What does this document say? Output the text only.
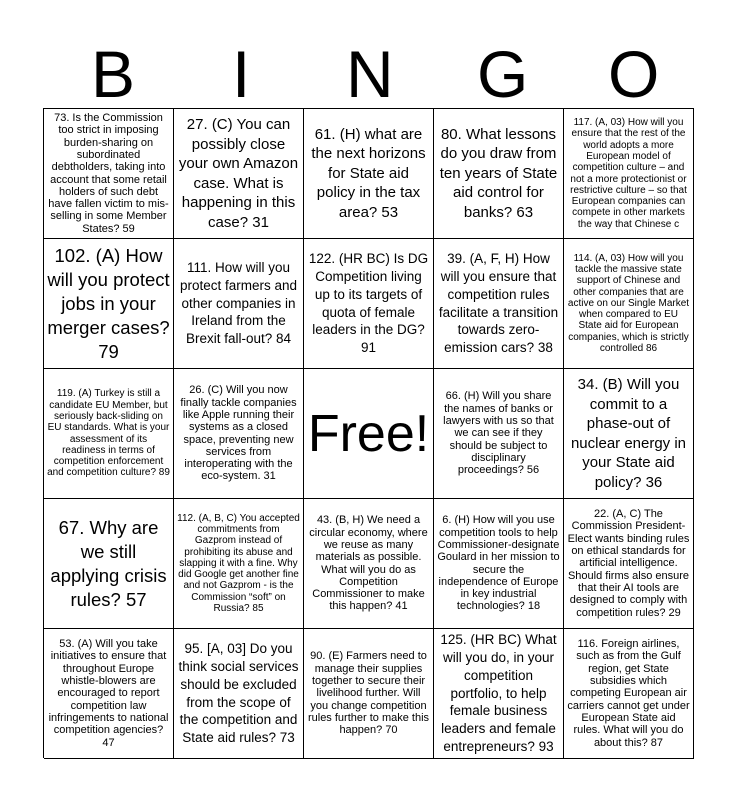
B I N G O
73. Is the Commission too strict in imposing burden-sharing on subordinated debtholders, taking into account that some retail holders of such debt have fallen victim to mis-selling in some Member States? 59
27. (C) You can possibly close your own Amazon case. What is happening in this case? 31
61. (H) what are the next horizons for State aid policy in the tax area? 53
80. What lessons do you draw from ten years of State aid control for banks? 63
117. (A, 03) How will you ensure that the rest of the world adopts a more European model of competition culture – and not a more protectionist or restrictive culture – so that European companies can compete in other markets the way that Chinese c
102. (A) How will you protect jobs in your merger cases? 79
111. How will you protect farmers and other companies in Ireland from the Brexit fall-out? 84
122. (HR BC) Is DG Competition living up to its targets of quota of female leaders in the DG? 91
39. (A, F, H) How will you ensure that competition rules facilitate a transition towards zero-emission cars? 38
114. (A, 03) How will you tackle the massive state support of Chinese and other companies that are active on our Single Market when compared to EU State aid for European companies, which is strictly controlled 86
119. (A) Turkey is still a candidate EU Member, but seriously back-sliding on EU standards. What is your assessment of its readiness in terms of competition enforcement and competition culture? 89
26. (C) Will you now finally tackle companies like Apple running their systems as a closed space, preventing new services from interoperating with the eco-system. 31
Free!
66. (H) Will you share the names of banks or lawyers with us so that we can see if they should be subject to disciplinary proceedings? 56
34. (B) Will you commit to a phase-out of nuclear energy in your State aid policy? 36
67. Why are we still applying crisis rules? 57
112. (A, B, C) You accepted commitments from Gazprom instead of prohibiting its abuse and slapping it with a fine. Why did Google get another fine and not Gazprom - is the Commission “soft” on Russia? 85
43. (B, H) We need a circular economy, where we reuse as many materials as possible. What will you do as Competition Commissioner to make this happen? 41
6. (H) How will you use competition tools to help Commissioner-designate Goulard in her mission to secure the independence of Europe in key industrial technologies? 18
22. (A, C) The Commission President-Elect wants binding rules on ethical standards for artificial intelligence. Should firms also ensure that their AI tools are designed to comply with competition rules? 29
53. (A) Will you take initiatives to ensure that throughout Europe whistle-blowers are encouraged to report competition law infringements to national competition agencies? 47
95. [A, 03] Do you think social services should be excluded from the scope of the competition and State aid rules? 73
90. (E) Farmers need to manage their supplies together to secure their livelihood further. Will you change competition rules further to make this happen? 70
125. (HR BC) What will you do, in your competition portfolio, to help female business leaders and female entrepreneurs? 93
116. Foreign airlines, such as from the Gulf region, get State subsidies which competing European air carriers cannot get under European State aid rules. What will you do about this? 87
